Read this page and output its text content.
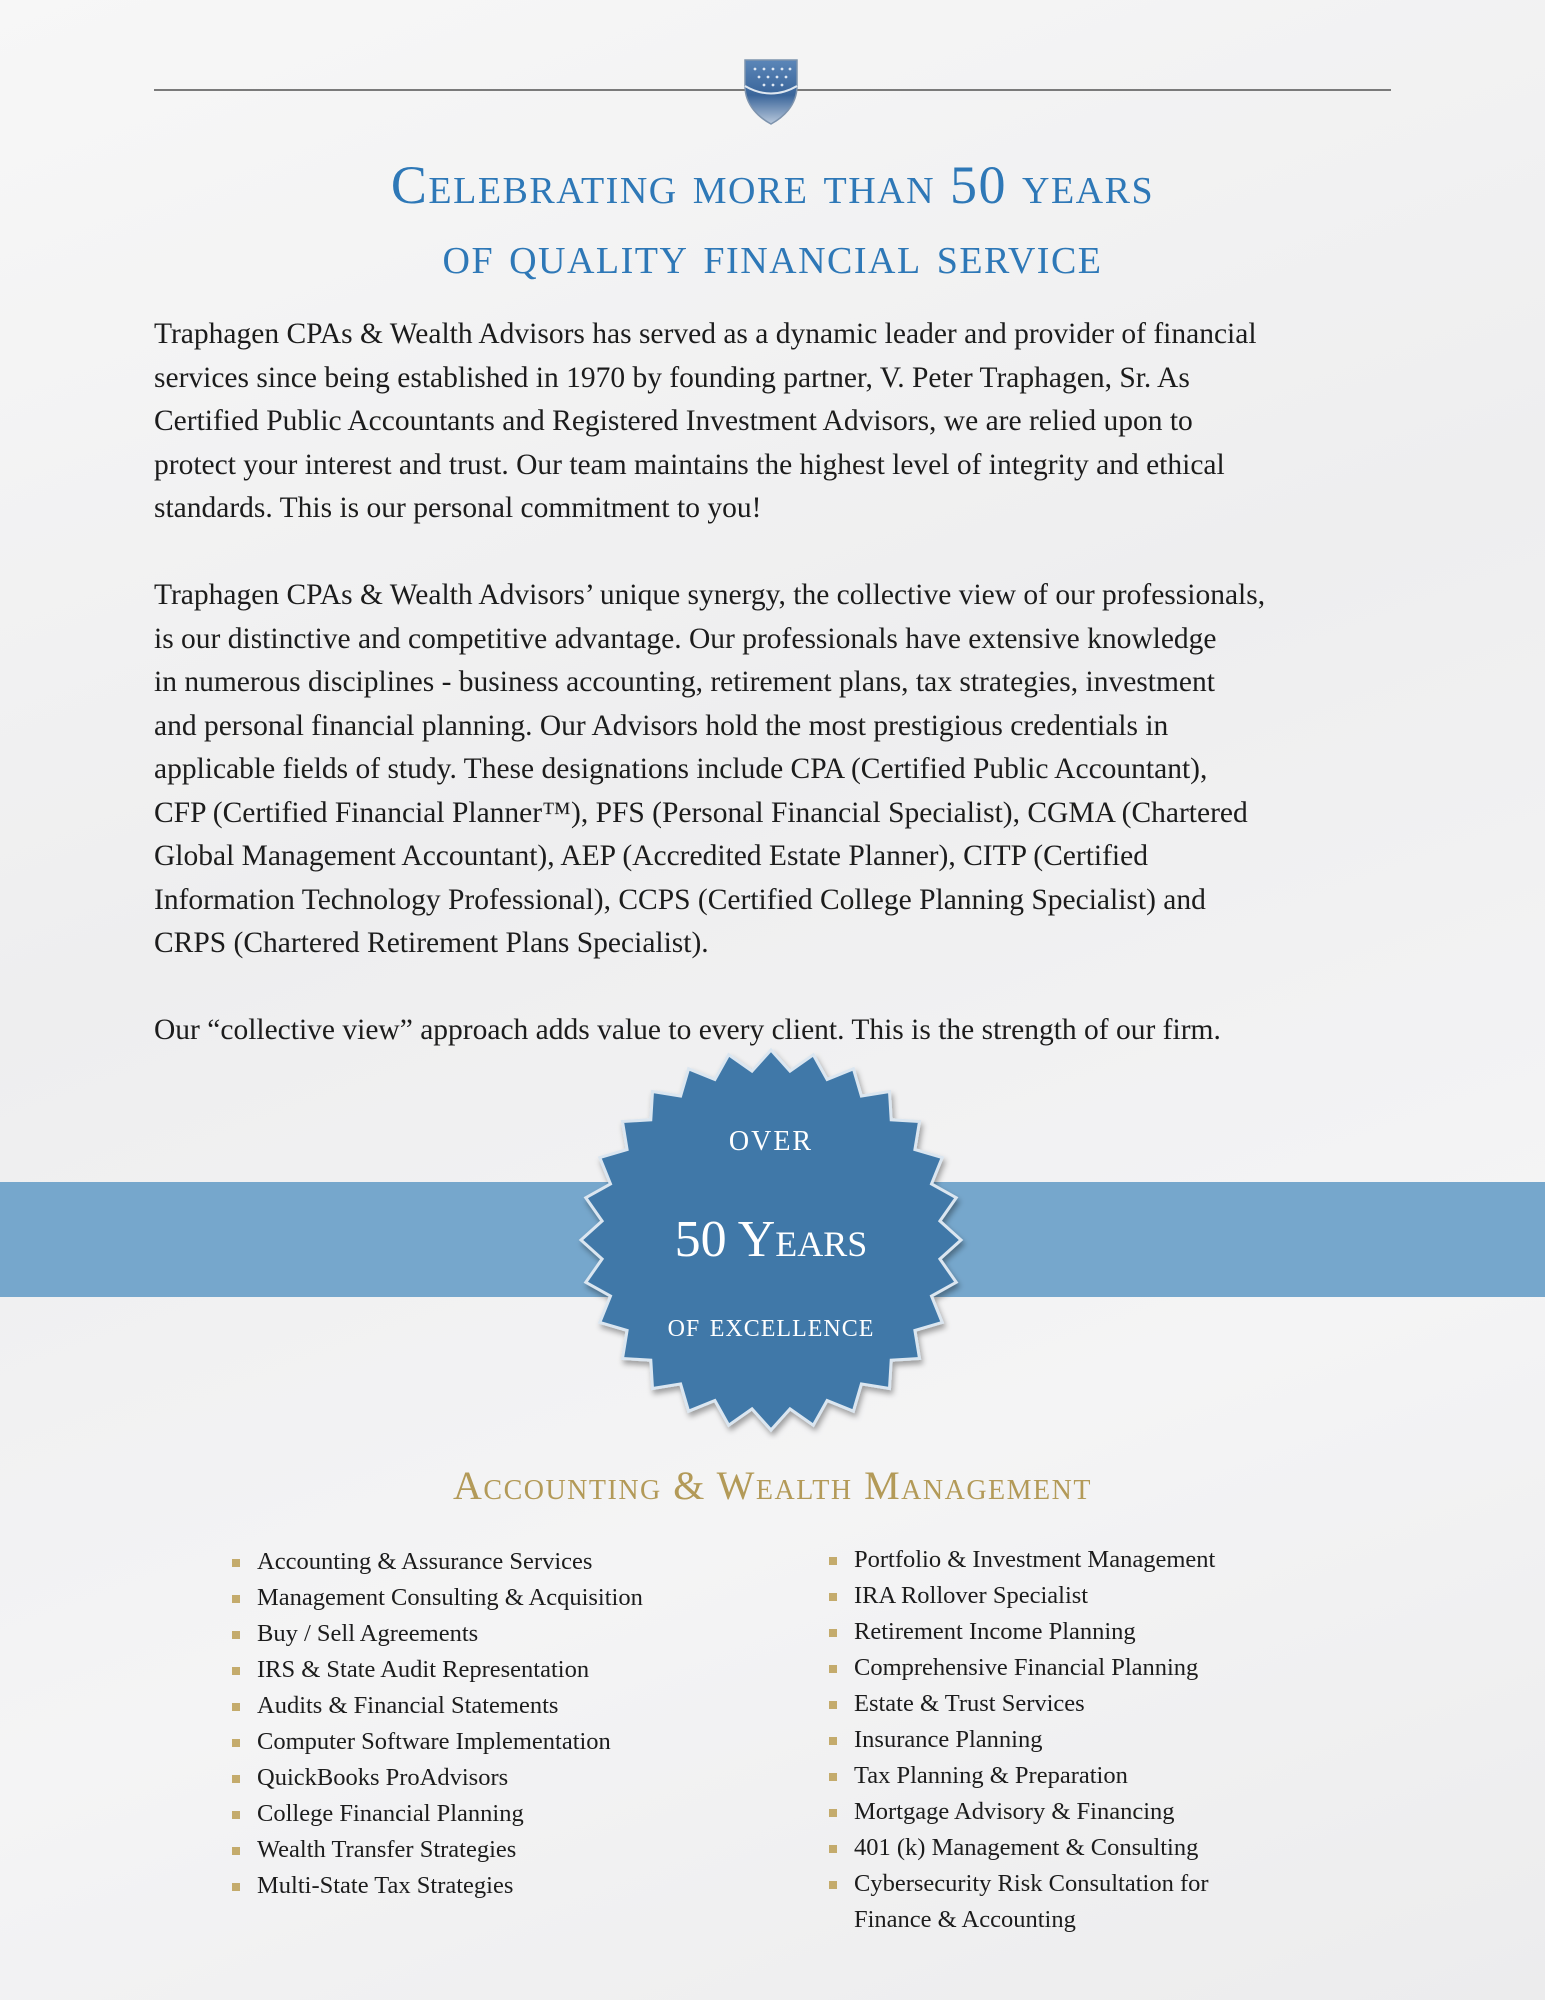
Celebrating more than 50 years
of quality financial service
Traphagen CPAs & Wealth Advisors has served as a dynamic leader and provider of financial
services since being established in 1970 by founding partner, V. Peter Traphagen, Sr. As
Certified Public Accountants and Registered Investment Advisors, we are relied upon to
protect your interest and trust. Our team maintains the highest level of integrity and ethical
standards. This is our personal commitment to you!
Traphagen CPAs & Wealth Advisors’ unique synergy, the collective view of our professionals,
is our distinctive and competitive advantage. Our professionals have extensive knowledge
in numerous disciplines - business accounting, retirement plans, tax strategies, investment
and personal financial planning. Our Advisors hold the most prestigious credentials in
applicable fields of study. These designations include CPA (Certified Public Accountant),
CFP (Certified Financial Planner™), PFS (Personal Financial Specialist), CGMA (Chartered
Global Management Accountant), AEP (Accredited Estate Planner), CITP (Certified
Information Technology Professional), CCPS (Certified College Planning Specialist) and
CRPS (Chartered Retirement Plans Specialist).
Our “collective view” approach adds value to every client. This is the strength of our firm.
over
50 Years
of excellence
Accounting & Wealth Management
Accounting & Assurance Services
Management Consulting & Acquisition
Buy / Sell Agreements
IRS & State Audit Representation
Audits & Financial Statements
Computer Software Implementation
QuickBooks ProAdvisors
College Financial Planning
Wealth Transfer Strategies
Multi-State Tax Strategies
Portfolio & Investment Management
IRA Rollover Specialist
Retirement Income Planning
Comprehensive Financial Planning
Estate & Trust Services
Insurance Planning
Tax Planning & Preparation
Mortgage Advisory & Financing
401 (k) Management & Consulting
Cybersecurity Risk Consultation for
Finance & Accounting
